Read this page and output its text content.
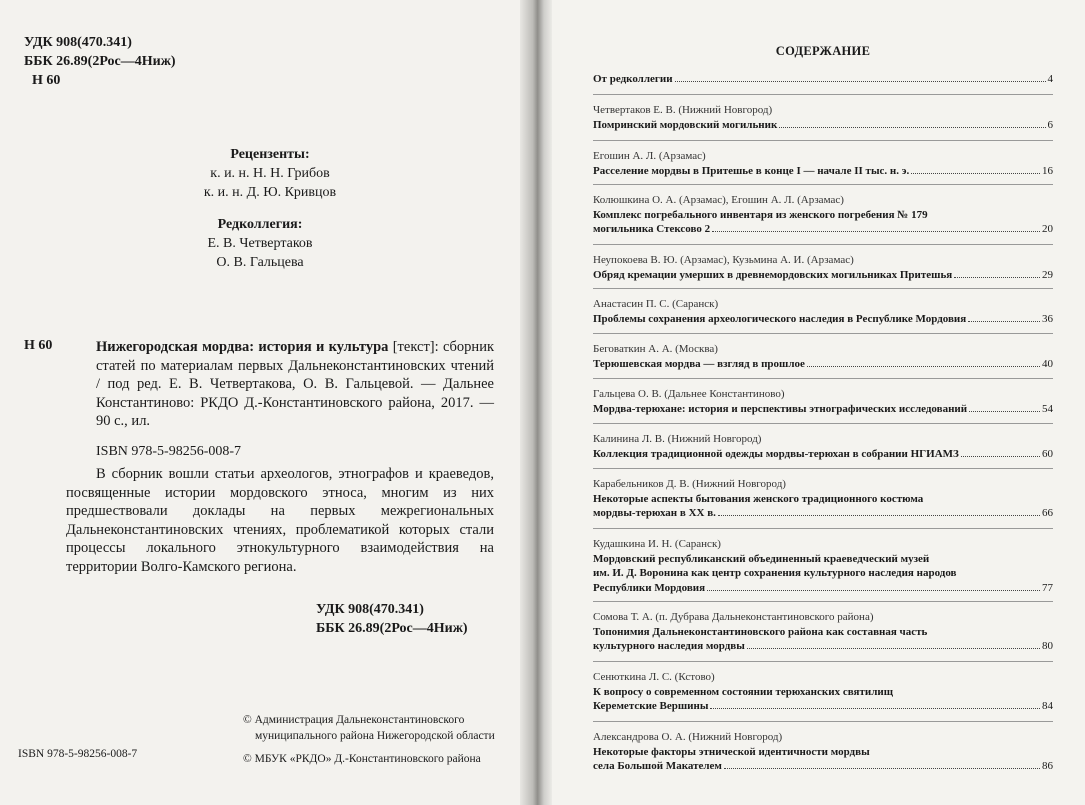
УДК 908(470.341)
ББК 26.89(2Рос—4Ниж)
Н 60
Рецензенты:
к. и. н. Н. Н. Грибов
к. и. н. Д. Ю. Кривцов
Редколлегия:
Е. В. Четвертаков
О. В. Гальцева
Н 60	Нижегородская мордва: история и культура [текст]: сборник статей по материалам первых Дальнеконстантиновских чтений / под ред. Е. В. Четвертакова, О. В. Гальцевой. — Дальнее Константиново: РКДО Д.-Константиновского района, 2017. — 90 с., ил.
ISBN 978-5-98256-008-7
В сборник вошли статьи археологов, этнографов и краеведов, посвященные истории мордовского этноса, многим из них предшествовали доклады на первых межрегиональных Дальнеконстантиновских чтениях, проблематикой которых стали процессы локального этнокультурного взаимодействия на территории Волго-Камского региона.
УДК 908(470.341)
ББК 26.89(2Рос—4Ниж)
© Администрация Дальнеконстантиновского
муниципального района Нижегородской области
© МБУК «РКДО» Д.-Константиновского района
ISBN 978-5-98256-008-7
СОДЕРЖАНИЕ
От редколлегии	4
Четвертаков Е. В. (Нижний Новгород)
Помринский мордовский могильник	6
Егошин А. Л. (Арзамас)
Расселение мордвы в Притешье в конце I — начале II тыс. н. э.	16
Колюшкина О. А. (Арзамас), Егошин А. Л. (Арзамас)
Комплекс погребального инвентаря из женского погребения № 179
могильника Стексово 2	20
Неупокоева В. Ю. (Арзамас), Кузьмина А. И. (Арзамас)
Обряд кремации умерших в древнемордовских могильниках Притешья	29
Анастасин П. С. (Саранск)
Проблемы сохранения археологического наследия в Республике Мордовия	36
Беговаткин А. А. (Москва)
Терюшевская мордва — взгляд в прошлое	40
Гальцева О. В. (Дальнее Константиново)
Мордва-терюхане: история и перспективы этнографических исследований	54
Калинина Л. В. (Нижний Новгород)
Коллекция традиционной одежды мордвы-терюхан в собрании НГИАМЗ	60
Карабельников Д. В. (Нижний Новгород)
Некоторые аспекты бытования женского традиционного костюма
мордвы-терюхан в XX в.	66
Кудашкина И. Н. (Саранск)
Мордовский республиканский объединенный краеведческий музей
им. И. Д. Воронина как центр сохранения культурного наследия народов
Республики Мордовия	77
Сомова Т. А. (п. Дубрава Дальнеконстантиновского района)
Топонимия Дальнеконстантиновского района как составная часть
культурного наследия мордвы	80
Сенюткина Л. С. (Кстово)
К вопросу о современном состоянии терюханских святилищ
Кереметские Вершины	84
Александрова О. А. (Нижний Новгород)
Некоторые факторы этнической идентичности мордвы
села Большой Макателем	86
